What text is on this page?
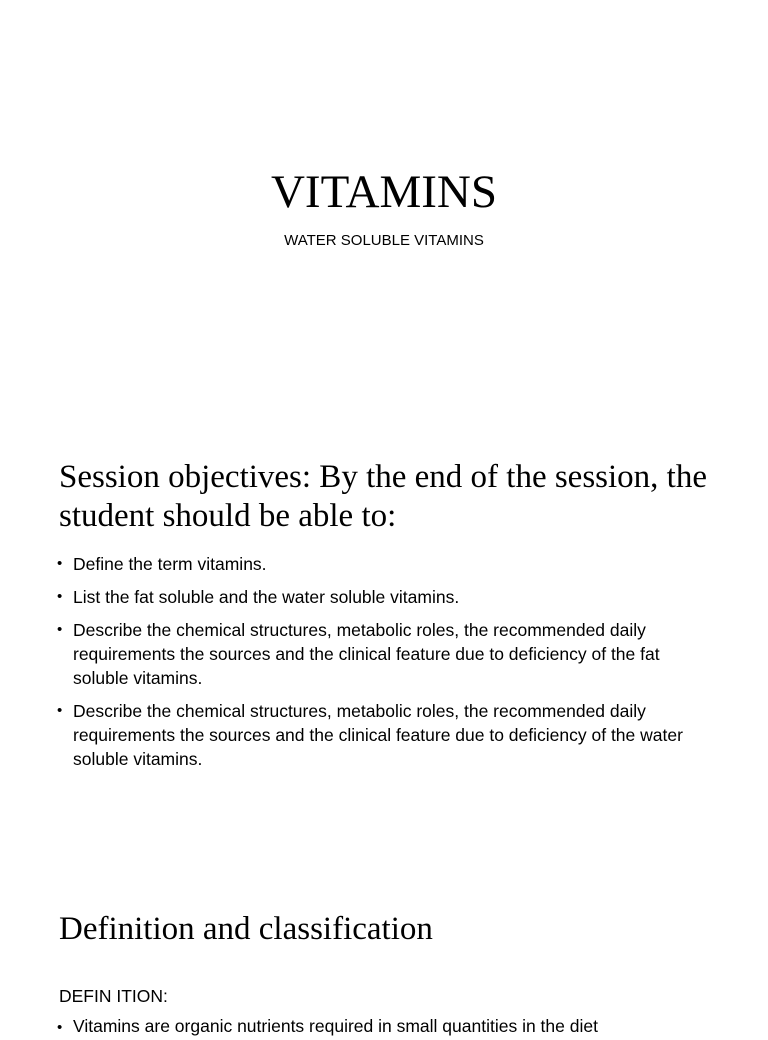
VITAMINS
WATER SOLUBLE VITAMINS
Session objectives: By the end of the session, the student should be able to:
• Define the term vitamins.
• List the fat soluble and the water soluble vitamins.
• Describe the chemical structures, metabolic roles, the recommended daily requirements the sources and the clinical feature due to deficiency of the fat soluble vitamins.
• Describe the chemical structures, metabolic roles, the recommended daily requirements the sources and the clinical feature due to deficiency of the water soluble vitamins.
Definition and classification
DEFIN ITION:
• Vitamins are organic nutrients required in small quantities in the diet
